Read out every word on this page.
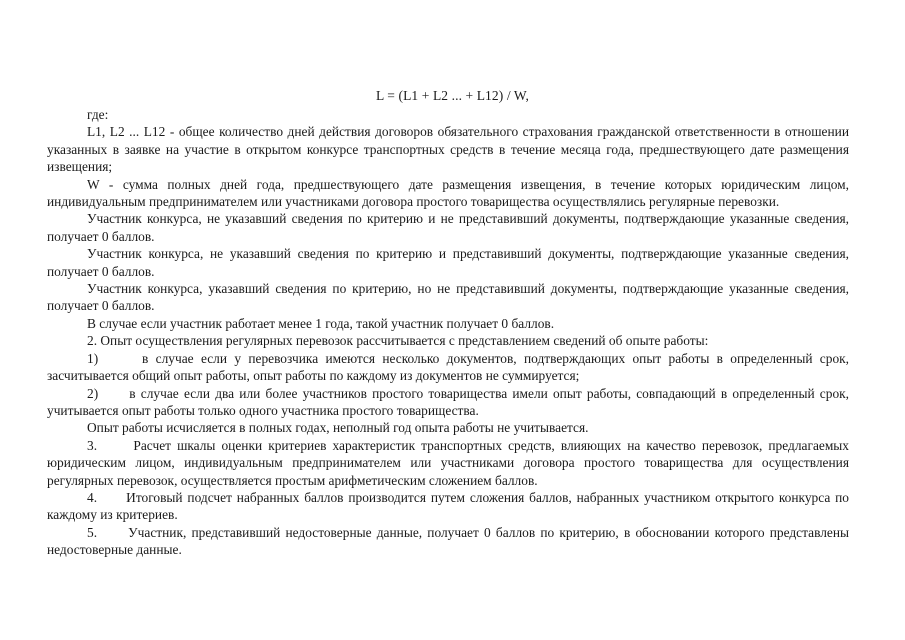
L = (L1 + L2 ... + L12) / W,

где:

L1, L2 ... L12 - общее количество дней действия договоров обязательного страхования гражданской ответственности в отношении указанных в заявке на участие в открытом конкурсе транспортных средств в течение месяца года, предшествующего дате размещения извещения;

W - сумма полных дней года, предшествующего дате размещения извещения, в течение которых юридическим лицом, индивидуальным предпринимателем или участниками договора простого товарищества осуществлялись регулярные перевозки.

Участник конкурса, не указавший сведения по критерию и не представивший документы, подтверждающие указанные сведения, получает 0 баллов.

Участник конкурса, не указавший сведения по критерию и представивший документы, подтверждающие указанные сведения, получает 0 баллов.

Участник конкурса, указавший сведения по критерию, но не представивший документы, подтверждающие указанные сведения, получает 0 баллов.

В случае если участник работает менее 1 года, такой участник получает 0 баллов.

2. Опыт осуществления регулярных перевозок рассчитывается с представлением сведений об опыте работы:

1)      в случае если у перевозчика имеются несколько документов, подтверждающих опыт работы в определенный срок, засчитывается общий опыт работы, опыт работы по каждому из документов не суммируется;

2)      в случае если два или более участников простого товарищества имели опыт работы, совпадающий в определенный срок, учитывается опыт работы только одного участника простого товарищества.

Опыт работы исчисляется в полных годах, неполный год опыта работы не учитывается.

3.      Расчет шкалы оценки критериев характеристик транспортных средств, влияющих на качество перевозок, предлагаемых юридическим лицом, индивидуальным предпринимателем или участниками договора простого товарищества для осуществления регулярных перевозок, осуществляется простым арифметическим сложением баллов.

4.      Итоговый подсчет набранных баллов производится путем сложения баллов, набранных участником открытого конкурса по каждому из критериев.

5.      Участник, представивший недостоверные данные, получает 0 баллов по критерию, в обосновании которого представлены недостоверные данные.
